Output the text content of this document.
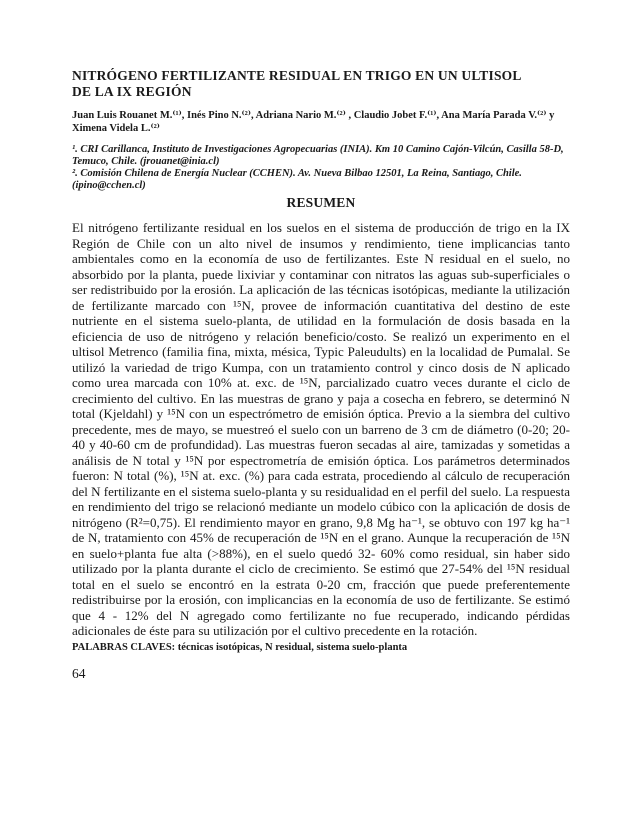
NITRÓGENO FERTILIZANTE RESIDUAL EN TRIGO EN UN ULTISOL DE LA IX REGIÓN

Juan Luis Rouanet M.⁽¹⁾, Inés Pino N.⁽²⁾, Adriana Nario M.⁽²⁾ , Claudio Jobet F.⁽¹⁾, Ana María Parada V.⁽²⁾ y Ximena Videla L.⁽²⁾

¹. CRI Carillanca, Instituto de Investigaciones Agropecuarias (INIA). Km 10 Camino Cajón-Vilcún, Casilla 58-D, Temuco, Chile. (jrouanet@inia.cl)

². Comisión Chilena de Energía Nuclear (CCHEN). Av. Nueva Bilbao 12501, La Reina, Santiago, Chile. (ipino@cchen.cl)

RESUMEN

El nitrógeno fertilizante residual en los suelos en el sistema de producción de trigo en la IX Región de Chile con un alto nivel de insumos y rendimiento, tiene implicancias tanto ambientales como en la economía de uso de fertilizantes. Este N residual en el suelo, no absorbido por la planta, puede lixiviar y contaminar con nitratos las aguas sub-superficiales o ser redistribuido por la erosión. La aplicación de las técnicas isotópicas, mediante la utilización de fertilizante marcado con ¹⁵N, provee de información cuantitativa del destino de este nutriente en el sistema suelo-planta, de utilidad en la formulación de dosis basada en la eficiencia de uso de nitrógeno y relación beneficio/costo. Se realizó un experimento en el ultisol Metrenco (familia fina, mixta, mésica, Typic Paleudults) en la localidad de Pumalal. Se utilizó la variedad de trigo Kumpa, con un tratamiento control y cinco dosis de N aplicado como urea marcada con 10% at. exc. de ¹⁵N, parcializado cuatro veces durante el ciclo de crecimiento del cultivo. En las muestras de grano y paja a cosecha en febrero, se determinó N total (Kjeldahl) y ¹⁵N con un espectrómetro de emisión óptica. Previo a la siembra del cultivo precedente, mes de mayo, se muestreó el suelo con un barreno de 3 cm de diámetro (0-20; 20-40 y 40-60 cm de profundidad). Las muestras fueron secadas al aire, tamizadas y sometidas a análisis de N total y ¹⁵N por espectrometría de emisión óptica. Los parámetros determinados fueron: N total (%), ¹⁵N at. exc. (%) para cada estrata, procediendo al cálculo de recuperación del N fertilizante en el sistema suelo-planta y su residualidad en el perfil del suelo. La respuesta en rendimiento del trigo se relacionó mediante un modelo cúbico con la aplicación de dosis de nitrógeno (R²=0,75). El rendimiento mayor en grano, 9,8 Mg ha⁻¹, se obtuvo con 197 kg ha⁻¹ de N, tratamiento con 45% de recuperación de ¹⁵N en el grano. Aunque la recuperación de ¹⁵N en suelo+planta fue alta (>88%), en el suelo quedó 32- 60% como residual, sin haber sido utilizado por la planta durante el ciclo de crecimiento. Se estimó que 27-54% del ¹⁵N residual total en el suelo se encontró en la estrata 0-20 cm, fracción que puede preferentemente redistribuirse por la erosión, con implicancias en la economía de uso de fertilizante. Se estimó que 4 - 12% del N agregado como fertilizante no fue recuperado, indicando pérdidas adicionales de éste para su utilización por el cultivo precedente en la rotación.

PALABRAS CLAVES: técnicas isotópicas, N residual, sistema suelo-planta

64
